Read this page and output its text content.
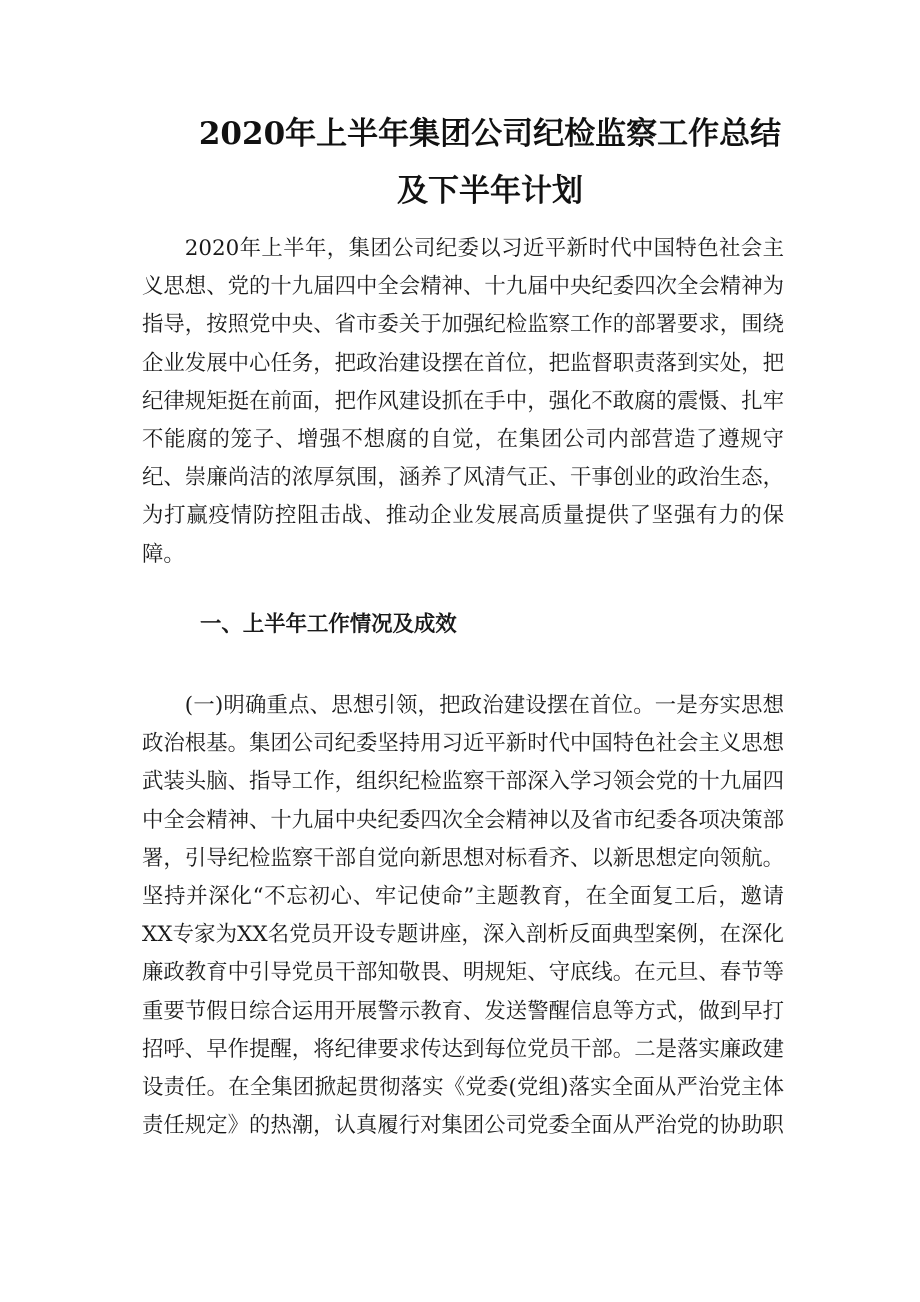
2020年上半年集团公司纪检监察工作总结
及下半年计划

2020年上半年，集团公司纪委以习近平新时代中国特色社会主义思想、党的十九届四中全会精神、十九届中央纪委四次全会精神为指导，按照党中央、省市委关于加强纪检监察工作的部署要求，围绕企业发展中心任务，把政治建设摆在首位，把监督职责落到实处，把纪律规矩挺在前面，把作风建设抓在手中，强化不敢腐的震慑、扎牢不能腐的笼子、增强不想腐的自觉，在集团公司内部营造了遵规守纪、崇廉尚洁的浓厚氛围，涵养了风清气正、干事创业的政治生态，为打赢疫情防控阻击战、推动企业发展高质量提供了坚强有力的保障。

一、上半年工作情况及成效

(一)明确重点、思想引领，把政治建设摆在首位。一是夯实思想政治根基。集团公司纪委坚持用习近平新时代中国特色社会主义思想武装头脑、指导工作，组织纪检监察干部深入学习领会党的十九届四中全会精神、十九届中央纪委四次全会精神以及省市纪委各项决策部署，引导纪检监察干部自觉向新思想对标看齐、以新思想定向领航。坚持并深化“不忘初心、牢记使命”主题教育，在全面复工后，邀请XX专家为XX名党员开设专题讲座，深入剖析反面典型案例，在深化廉政教育中引导党员干部知敬畏、明规矩、守底线。在元旦、春节等重要节假日综合运用开展警示教育、发送警醒信息等方式，做到早打招呼、早作提醒，将纪律要求传达到每位党员干部。二是落实廉政建设责任。在全集团掀起贯彻落实《党委(党组)落实全面从严治党主体责任规定》的热潮，认真履行对集团公司党委全面从严治党的协助职
